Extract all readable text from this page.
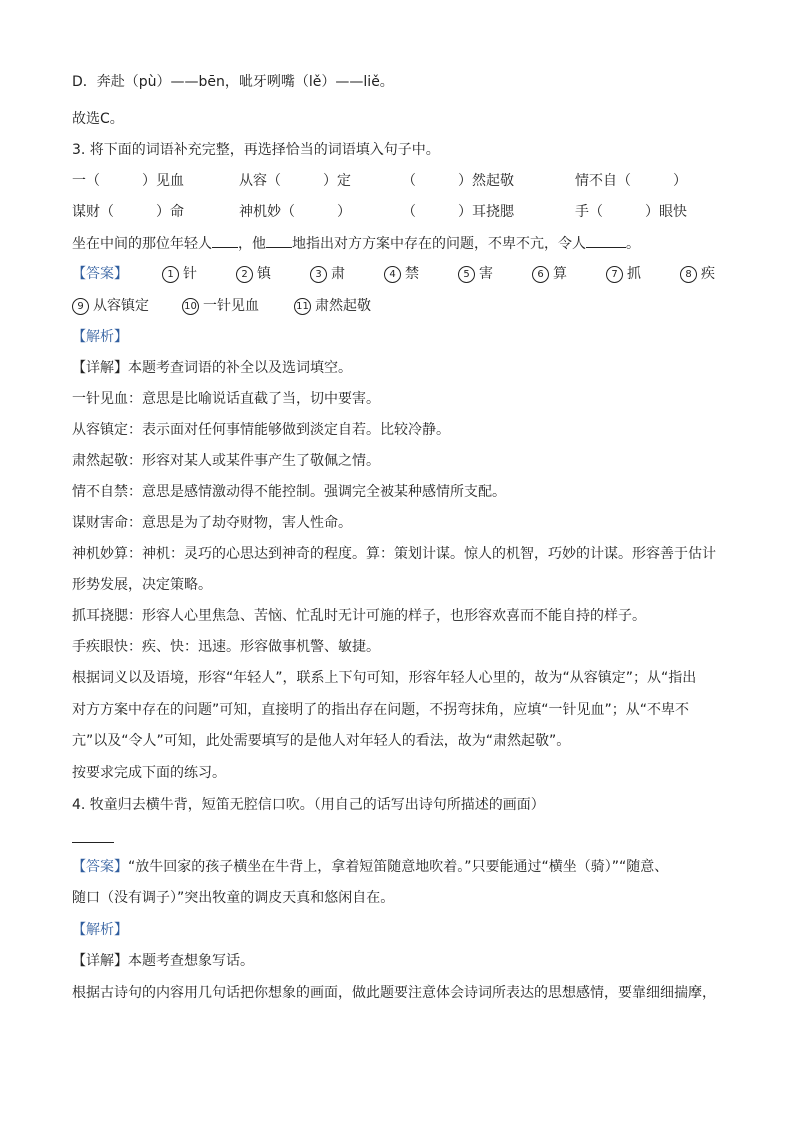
D．奔赴（pù）——bēn，呲牙咧嘴（lě）——liě。
故选C。
3. 将下面的词语补充完整，再选择恰当的词语填入句子中。
一（　　　）见血	从容（　　　）定	（　　　）然起敬	情不自（　　　）
谋财（　　　）命	神机妙（　　　）	（　　　）耳挠腮	手（　　　）眼快
坐在中间的那位年轻人 ，他 地指出对方方案中存在的问题，不卑不亢，令人	。
【答案】	1 针	2 镇	3 肃	4 禁	5 害	6 算	7 抓	8 疾
9 从容镇定	10 一针见血	11 肃然起敬
【解析】
【详解】本题考查词语的补全以及选词填空。
一针见血：意思是比喻说话直截了当，切中要害。
从容镇定：表示面对任何事情能够做到淡定自若。比较冷静。
肃然起敬：形容对某人或某件事产生了敬佩之情。
情不自禁：意思是感情激动得不能控制。强调完全被某种感情所支配。
谋财害命：意思是为了劫夺财物，害人性命。
神机妙算：神机：灵巧的心思达到神奇的程度。算：策划计谋。惊人的机智，巧妙的计谋。形容善于估计
形势发展，决定策略。
抓耳挠腮：形容人心里焦急、苦恼、忙乱时无计可施的样子，也形容欢喜而不能自持的样子。
手疾眼快：疾、快：迅速。形容做事机警、敏捷。
根据词义以及语境，形容“年轻人”，联系上下句可知，形容年轻人心里的，故为“从容镇定”；从“指出
对方方案中存在的问题”可知，直接明了的指出存在问题，不拐弯抹角，应填“一针见血”；从“不卑不
亢”以及“令人”可知，此处需要填写的是他人对年轻人的看法，故为“肃然起敬”。
按要求完成下面的练习。
4. 牧童归去横牛背，短笛无腔信口吹。（用自己的话写出诗句所描述的画面）
【答案】“放牛回家的孩子横坐在牛背上，拿着短笛随意地吹着。”只要能通过“横坐（骑）”“随意、
随口（没有调子）”突出牧童的调皮天真和悠闲自在。
【解析】
【详解】本题考查想象写话。
根据古诗句的内容用几句话把你想象的画面，做此题要注意体会诗词所表达的思想感情，要靠细细揣摩，
